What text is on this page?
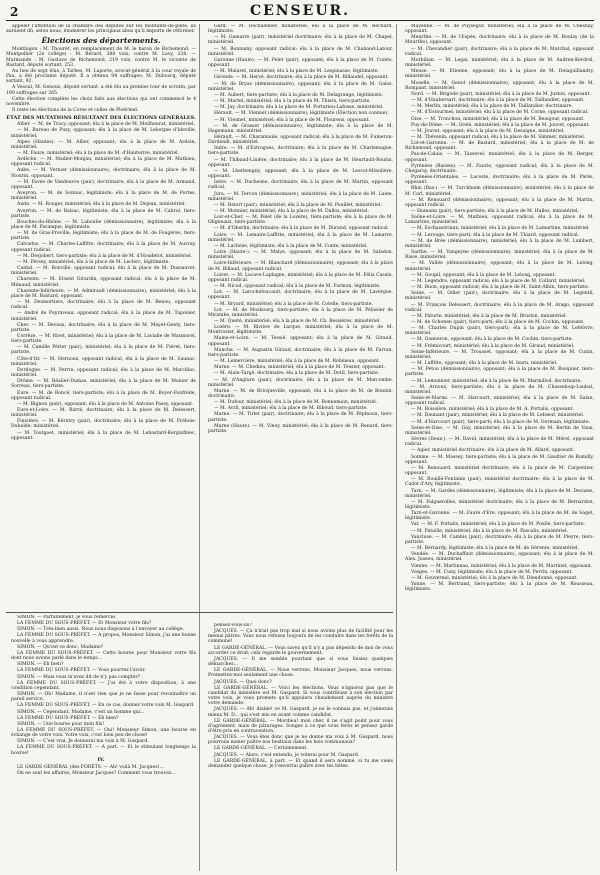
2	CENSEUR.

appeler l'attention de la chambre des députés sur les montants-de-pieté, ils auraient dû, selon nous, énumérer les principaux abus qu'il importe de réformer.

Élections des départements.

Montlugon : M. Thouret, en remplacement de M. le baron de Richemond. — Montpellier (2e collège) : M. Bérard, 388 voix, contre M. Lavy, 238. — Marmande : M. Gustave de Richemond, 219 voix, contre M. le vicomte de Bastard, député sortant, 253.

Au lieu de sept élus, à Tarbes, M. Laporte, avocat-général à la cour royale de Pau, a été proclamé député. Il a obtenu 94 suffrages; M. Duboscq, député sortant, 92.

A Vesoul, M. Genoux, député sortant, a été élu au premier tour de scrutin, par 190 suffrages sur 265.

Cette élection complète les choix faits aux élections qui ont commencé le 4 novembre.

Il reste les élections de la Corse et celles de Ploërmel.

ÉTAT DES MUTATIONS RÉSULTANT DES ÉLECTIONS GÉNÉRALES.

Allier. — M. de Tracy, opposant; élu à la place de M. Meilheurat, ministériel.

— M. Bureau de Puzy, opposant; élu à la place de M. Lelorgne d'Ideville, ministériel.

Alpes (Hautes). — M. Allier, opposant; élu à la place de M. Ardoin, ministériel.

— M. Faure, ministériel; élu à la place de M. d'Hauterive, ministériel.

Ardèche. — M. Madier-Monjau, ministériel; élu à la place de M. Mathieu, opposant radical.

Aube. — M. Vernier (démissionnaire), doctrinaire; élu à la place de M. Stourm, opposant.

— M. Pavée de Vandeuvre (pair), doctrinaire; élu à la place de M. Armand, opposant.

Aveyron. — M. de Sonnac, légitimiste; élu à la place de M. de Portes, ministériel.

Aude. — M. Rouger, ministériel; élu à la place de M. Dejean, ministériel.

Aveyron. — M. de Balsac, légitimiste; élu à la place de M. Cabrol, tiers-partiste.

Bouches-du-Rhône. — M. Laboulie (démissionnaire), légitimiste; élu à la place de M. Paranque, légitimiste.

— M. de Gras-Preville, légitimiste; élu à la place de M. de Fougères, tiers-partiste.

Calvados. — M. Charles-Laffitte, doctrinaire; élu à la place de M. Auvray, opposant radical.

— M. Desjobert, tiers-partiste; élu à la place de M. d'Houdetot, ministériel.

— M. Pérsey, ministériel; élu à la place de M. Leclerc, légitimiste.

Cantal. — M. Bonville, opposant radical; élu à la place de M. Dussauvet, ministériel.

Charente. — M. Ernest Girardin, opposant radical; élu à la place de M. Mimaud, ministériel.

Charente-Inférieure. — M. Admirault (démissionnaire), ministériel; élu à la place de M. Bastard, opposant.

— M. Desmortiers, doctrinaire; élu à la place de M. Renou, opposant radical.

— André de Puyraveau, opposant radical; élu à la place de M. Taponier, ministériel.

Cher. — M. Devaux, doctrinaire; élu à la place de M. Mayet-Genty, tiers-partiste.

Corrèze. — M. Rivet, ministériel; élu à la place de M. Lavialle de Masmorel, tiers-partiste.

— M. Camille Périer (pair), ministériel; élu à la place de M. Fiéret, tiers-partiste.

Côte-d'Or. — M. Hernoux, opposant radical; élu à la place de M. Saunac, ministériel.

Dordogne. — M. Perrin, opposant radical; élu à la place de M. Marcillac, ministériel.

Drôme. — M. Réalier-Dumas, ministériel; élu à la place de M. Monier de Sorreau, tiers-partiste.

Eure. — M. de Roncé, tiers-partiste; élu à la place de M. Boyer-Fonfrède, opposant radical.

— M. Bignon (pair), opposant; élu à la place de M. Antoine Passy, opposant.

Eure-et-Loire. — M. Barré, doctrinaire; élu à la place de M. Delessert, ministériel.

Finistère. — M. Kératry (pair), doctrinaire; élu à la place de M. Prébois-Duhelde, ministériel.

— M. Toutgoet, ministériel; élu à la place de M. Lebastard-Kerguifinec, opposant.

Gard. — M. Dochalellier, ministériel; élu à la place de M. Béchard, légitimiste.

— M. Gamarre (pair), ministériel doctrinaire; élu à la place de M. Chapel, ministériel.

— M. Bonnamy, opposant radical; élu à la place de M. Chabaud-Latour, ministériel.

Garonne (Haute). — M. Pelet (pair), opposant; élu à la place de M. Cunéo, opposant.

— M. Malaret, ministériel; élu à la place de M. Lespinasse, légitimiste.

Gironde. — M. Hervé, doctrinaire; élu à la place de M. Billaudel, opposant.

— M. de Bryas (démissionnaire), opposant; élu à la place de M. Galos, ministériel.

— M. Aubert, tiers-partiste; élu à la place de M. Delagrange, légitimiste.

— M. Martel, ministériel; élu à la place de M. Thiers, tiers-partiste.

— M. Jay, doctrinaire; élu à la place de M. Portarieu-Lafosse, ministériel.

Hérault. — M. Viennet (démissionnaire), légitimiste (Élection non connue).

— M. Viennet, ministériel; élu à la place de M. Flourens, opposant.

— M. de Grasset (démissionnaire), légitimiste; élu à la place de M. Hagemann, ministériel.

Hérault. — M. Charamaule, opposant radical; élu à la place de M. Fumeron-Dardenill, ministériel.

Indre. — M. d'Estrogues, doctrinaire; élu à la place de M. Charlemagne, tiers-partiste.

— M. Thibaud-Linière, doctrinaire; élu à la place de M. Heurtault-Boutin, opposant.

— M. Lherbengny, opposant; élu à la place de M. Lescot-Minolière, opposant.

Isère. — M. Duchesne, doctrinaire; élu à la place de M. Martin, opposant radical.

Jura. — M. Tercon (démissionnaire), ministériel; élu à la place de M. Laine, ministériel.

— M. Delort (pair), ministériel; élu à la place de M. Pouillet, ministériel.

— M. Monnier, ministériel; élu à la place de M. Dallos, ministériel.

Loir-et-Cher. — M. Pelet (de la Lozère), tiers-partiste; élu à la place de M. Oligneaux, tiers-partiste.

— M. d'Oberlin, doctrinaire; élu à la place de M. Durand, opposant radical.

Loire. — M. Lemaire-Laffitte, ministériel; élu à la place de M. Lamarre, ministériel.

— M. Lachèze, légitimiste; élu à la place de M. Conte, ministériel.

Loire (Haute-). — M. Malye, opposant; élu à la place de M. Saladon, ministériel.

Loire-Inférieure. — M. Blanchard (démissionnaire), opposant; élu à la place de M. Billaud, opposant radical.

Loiret. — M. Lacave-Laplagne, ministériel; élu à la place de M. Félix Cassin, opposant radical.

— M. Nicod, opposant radical; élu à la place de M. Formon, légitimiste.

Lot. — M. Larochefoucault, doctrinaire; élu à la place de M. Lavergne, opposant.

— M. Bryard, ministériel; élu à la place de M. Cotelle, tiers-partiste.

Lot. — M. de Mosbourg, tiers-partiste; élu à la place de M. Pélissier de Mirambe, ministériel.

— M. Queté, ministériel; élu à la place de M. Ch. Bessières, ministériel.

Lozère. — M. Rivière de Larque, ministériel; élu à la place de M. Montrozier, légitimiste.

Maine-et-Loire. — M. Tessié, opposant; élu à la place de M. Giraud, opposant.

Manche. — M. Augustin Giraud, doctrinaire; élu à la place de M. Farran, tiers-partiste.

— M. Lemercière, ministériel; élu à la place de M. Robineau, opposant.

Marne. — M. Chedieu, ministériel; élu à la place de M. Tessier, opposant.

— M. Alain-Targé, doctrinaire; élu à la place de M. Dutil, tiers-partiste.

— M. d'Anglure (pair), doctrinaire; élu à la place de M. Marcombe, ministériel.

Marne. — M. de Bricqueville, opposant; élu à la place de M. de Bonnin, doctrinaire.

— M. Dufour, ministériel; élu à la place de M. Bonnemain, ministériel.

— M. Avril, ministériel; élu à la place de M. Riboud, tiers-partiste.

Marne. — M. Tirlet (pair), doctrinaire; élu à la place de M. Pépinoux, tiers-partiste.

Marne (Haute). — M. Viney, ministériel; élu à la place de M. Renard, tiers-partiste.

Mayenne. — M. de Puységur, ministériel; élu à la place de M. Chesnay, opposant.

Meurthe. — M. de l'Espée, doctrinaire; élu à la place de M. Boulay (de la Meurthe), opposant.

— M. Chevandier (pair), doctrinaire; élu à la place de M. Marchal, opposant radical.

Morbihan. — M. Legai, ministériel; élu à la place de M. Audren-Kerdrel, ministériel.

Meuse. — M. Etienne, opposant; élu à la place de M. Delaguillandry, ministériel.

Moselle. — M. Genot (démissionnaire), opposant; élu à la place de M. Rompant, ministériel.

Nord. — M. Brigode (pair), ministériel; élu à la place de M. Juston, opposant.

— M. d'Haubersart, doctrinaire; élu à la place de M. Taillandier, opposant.

— M. Merlin, ministériel; élu à la place de M. Taillandier, doctrinaire.

— M. d'Estourmel, ministériel; élu à la place de M. Corne, opposant radical.

Oise. — M. Tronchon, ministériel; élu à la place de M. Beaujour, opposant.

Puy-de-Dôme. — M. Grelé, ministériel; élu à la place de M. Jouvet, opposant.

— M. Jouvet, opposant; élu à la place de M. Desaigne, ministériel.

— M. Thévenin, opposant radical; élu à la place de M. Simmer, ministériel.

Lot-et-Garonne. — M. de Bastard, ministériel; élu à la place de M. de Richemond, opposant.

Pas-de-Calais. — M. Tassevel, ministériel; élu à la place de M. Berger, opposant.

Pyrénées (Basses). — M. Faurie, opposant radical; élu à la place de M. Chegaray, doctrinaire.

Pyrénées-Orientales. — Lacoste, doctrinaire; élu à la place de M. Parès, opposant.

Rhin (Bas-). — M. Turckheim (démissionnaire), ministériel; élu à la place de M. Carl, ministériel.

— M. Renouard (démissionnaire), opposant; élu à la place de M. Martin, opposant radical.

— Humann (pair), tiers-partiste; élu à la place de M. Hallez, ministériel.

Saône-et-Loire. — M. Mathieu, opposant radical; élu à la place de M. Lamartine, ministériel.

— M. Eschassériaux, ministériel; élu à la place de M. Lamartine, ministériel.

— M. Lerouge, tiers-parti; élu à la place de M. Thiard, opposant radical.

— M. de Brée (démissionnaire), ministériel; élu à la place de M. Lambert, ministériel.

Sarthe. — M. Vangeyne (démissionnaire), ministériel; élu à la place de M. Risse, ministériel.

— M. Vallée (démissionnaire), opposant; élu à la place de M. Lelong, ministériel.

— M. Goupil, opposant; élu à la place de M. Lelong, opposant.

— M. Legendre, opposant radical; élu à la place de M. Collard, ministériel.

— M. Buon, opposant radical; élu à la place de M. Saint-Albin, tiers-partiste.

Seine. — M. Odier (pair), doctrinaire; élu à la place de M. Legentil, ministériel.

— M. François Delessert, doctrinaire; élu à la place de M. Arago, opposant radical.

— M. Paturle, ministériel; élu à la place de M. Bruslon, ministériel.

— M. de Schonen (pair), tiers-parti; élu à la place de M. Cochin, opposant.

— M. Charles Dupin (pair), tiers-parti; élu à la place de M. Lefebvre, ministériel.

— M. Ganneron, opposant; élu à la place de M. Cochin, tiers-partiste.

— M. Frémicourt, ministériel; élu à la place de M. Giraud, ministériel.

Seine-Inférieure. — M. Trousset, opposant; élu à la place de M. Cunin, ministériel.

— M. Laffitte, opposant; élu à la place de M. Isarn, ministériel.

— M. Petou (démissionnaire), opposant; élu à la place de M. Bosquier, tiers-partiste.

— M. Lemonnier, ministériel; élu à la place de M. Marmillod, doctrinaire.

— M. Arnoux, tiers-partiste; élu à la place de M. Chasseloup-Laubat, ministériel.

Seine-et-Marne. — M. Harcourt, ministériel; élu à la place de M. Salan, opposant radical.

— M. Boissière, ministériel; élu à la place de M. A. Portalis, opposant.

— M. Daunant (pair), ministériel; élu à la place de M. Lebœuf, ministériel.

— M. d'Harcourt (pair), tiers-parti; élu à la place de M. Germain, légitimiste.

Seine-et-Oise. — M. Gay, ministériel; élu à la place de M. Bertin de Vaux, ministériel.

Sèvres (Deux-). — M. David, ministériel; élu à la place de M. Mérel, opposant radical.

— Agier, ministériel doctrinaire; élu à la place de M. Allard, opposant.

Somme. — M. Massey, tiers-partiste; élu à la place de M. Gaultier de Rumilly, opposant.

— M. Renouard, ministériel doctrinaire; élu à la place de M. Carpentier, opposant.

— M. Rouillé-Fontaine (pair), ministériel doctrinaire; élu à la place de M. Cadot d'Ary, légitimiste.

Tarn. — M. Gardès (démissionnaire), légitimiste; élu à la place de M. Decazes, ministériel.

— M. Falguerolles, ministériel doctrinaire; élu à la place de M. Bernardon, légitimiste.

Tarn-et-Garonne. — M. Faure d'Ere, opposant; élu à la place de M. de Saget, légitimiste.

Var. — M. F. Portalis, ministériel; élu à la place de M. Poulle, tiers-partiste.

— M. Pataille, ministériel; élu à la place de M. Pascalis, ministériel.

Vaucluse. — M. Cambis (pair), doctrinaire; élu à la place de M. Pieyre, tiers-partiste.

— M. Bernardy, légitimiste; élu à la place de M. de Gérente, ministériel.

Vendée. — M. Duchaffaut (démissionnaire), opposant; élu à la place de M. Alex. Jusseu, ministériel.

Vienne. — M. Martineau, ministériel; élu à la place de M. Martinet, opposant.

Vosges. — M. Cuny, légitimiste; élu à la place de M. Perrin, opposant.

— M. Gouvernel, ministériel; élu à la place de M. Dieudonné, opposant.

Yonne. — M. Bertrand, tiers-partiste; élu à la place de M. Rousseau, légitimiste.

SIMON. — Parfaitement, je vous remercie.

LA FEMME DU SOUS-PRÉFET. — Et Monsieur votre fils?

SIMON. — Très-bien aussi. Nous nous disposons à l'envoyer au collège.

LA FEMME DU SOUS-PRÉFET. — A propos, Monsieur Simon, j'ai une bonne nouvelle à vous apprendre.

SIMON. — Qu'est-ce donc, Madame?

LA FEMME DU SOUS-PRÉFET. — Cette bourse pour Monsieur votre fils dont nous avions parlé dans le temps...

SIMON. — Eh bien?

LA FEMME DU SOUS-PRÉFET. — Vous pourrez l'avoir.

SIMON. — Mais vous m'avez dit de n'y pas compter?

LA FEMME DU SOUS-PRÉFET. — J'ai été à votre disposition, à une condition cependant.

SIMON. — Oh! Madame, il n'est rien que je ne fasse pour reconnaître un pareil service.

LA FEMME DU SOUS-PRÉFET. — En ce cas, donnez votre voix M. Gaspard.

SIMON. — Cependant, Madame, c'est un homme qui...

LA FEMME DU SOUS-PRÉFET. — Eh bien?

SIMON. — Une bourse pour mon fils!

LA FEMME DU SOUS-PRÉFET. — Oui! Monsieur Simon, une bourse en échange de votre voix. Votre voix, c'est bien peu de chose!

SIMON. — C'est vrai. Je donnerai ma voix à M. Gaspard.

LA FEMME DU SOUS-PRÉFET. — A part. — Et le stimulant longtemps la bourse!

IV.

LE GARDE-GÉNÉRAL (des FORÊTS. — Ah! voilà M. Jacques!...

On en sont les affaires, Monsieur Jacques? Comment vous trouvez...

pensez-vous-ils?

JACQUES. — Ça n'irait pas trop mal si nous avions plus de facilité pour les menus pâtres. Vous nous refusez toujours de les conduire dans les forêts de la commune!

LE GARDE-GÉNÉRAL. — Vous savez qu'il n'y a pas dépendu de moi de vous accorder ce droit; cela regarde le gouvernement.

JACQUES. — Il me semble pourtant que si vous faisiez quelques démarches...

LE GARDE-GÉNÉRAL. — Nous verrons, Monsieur Jacques, nous verrons. Promettez-moi seulement une chose.

JACQUES. — Quoi donc?

LE GARDE-GÉNÉRAL. — Voici les élections. Vous n'ignorez pas que le candidat du ministère est M. Gaspard. Si vous contribuez à son élection par votre voix, je vous promets qu'il appuiera chaudement auprès du ministre votre demande.

JACQUES. — Ah! diable! ce M. Gaspard, je ne le connais pas, et j'aimerais mieux M. D... qui s'est mis en avant comme candidat.

LE GARDE-GÉNÉRAL. — Mordieu! mon cher, il ne s'agit point pour vous d'agrément, mais de pâturages. Songez à ce que vous ferez et pensez garde d'être pris en contravention.

JACQUES. — Vous êtes donc que je ne donne ma voix à M. Gaspard, nous pourrons mener paître nos bestiaux dans les bois communaux?

LE GARDE-GÉNÉRAL. — Certainement.

JACQUES. — Alors, c'est entendu, je voterai pour M. Gaspard.

LE GARDE-GÉNÉRAL, à part. — Et quand il sera nommé, si tu me viens demander quelque chose, je t'enverrai paître avec tes bêtes.
